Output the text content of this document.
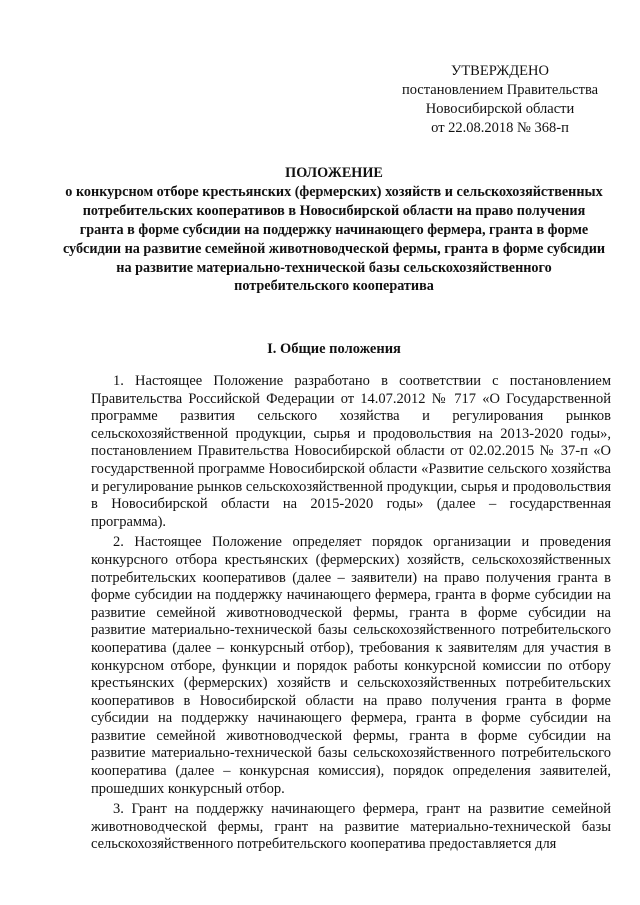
УТВЕРЖДЕНО
постановлением Правительства
Новосибирской области
от 22.08.2018 № 368-п
ПОЛОЖЕНИЕ
о конкурсном отборе крестьянских (фермерских) хозяйств и сельскохозяйственных потребительских кооперативов в Новосибирской области на право получения гранта в форме субсидии на поддержку начинающего фермера, гранта в форме субсидии на развитие семейной животноводческой фермы, гранта в форме субсидии на развитие материально-технической базы сельскохозяйственного потребительского кооператива
I. Общие положения

1. Настоящее Положение разработано в соответствии с постановлением Правительства Российской Федерации от 14.07.2012 № 717 «О Государственной программе развития сельского хозяйства и регулирования рынков сельскохозяйственной продукции, сырья и продовольствия на 2013-2020 годы», постановлением Правительства Новосибирской области от 02.02.2015 № 37-п «О государственной программе Новосибирской области «Развитие сельского хозяйства и регулирование рынков сельскохозяйственной продукции, сырья и продовольствия в Новосибирской области на 2015-2020 годы» (далее – государственная программа).

2. Настоящее Положение определяет порядок организации и проведения конкурсного отбора крестьянских (фермерских) хозяйств, сельскохозяйственных потребительских кооперативов (далее – заявители) на право получения гранта в форме субсидии на поддержку начинающего фермера, гранта в форме субсидии на развитие семейной животноводческой фермы, гранта в форме субсидии на развитие материально-технической базы сельскохозяйственного потребительского кооператива (далее – конкурсный отбор), требования к заявителям для участия в конкурсном отборе, функции и порядок работы конкурсной комиссии по отбору крестьянских (фермерских) хозяйств и сельскохозяйственных потребительских кооперативов в Новосибирской области на право получения гранта в форме субсидии на поддержку начинающего фермера, гранта в форме субсидии на развитие семейной животноводческой фермы, гранта в форме субсидии на развитие материально-технической базы сельскохозяйственного потребительского кооператива (далее – конкурсная комиссия), порядок определения заявителей, прошедших конкурсный отбор.

3. Грант на поддержку начинающего фермера, грант на развитие семейной животноводческой фермы, грант на развитие материально-технической базы сельскохозяйственного потребительского кооператива предоставляется для
